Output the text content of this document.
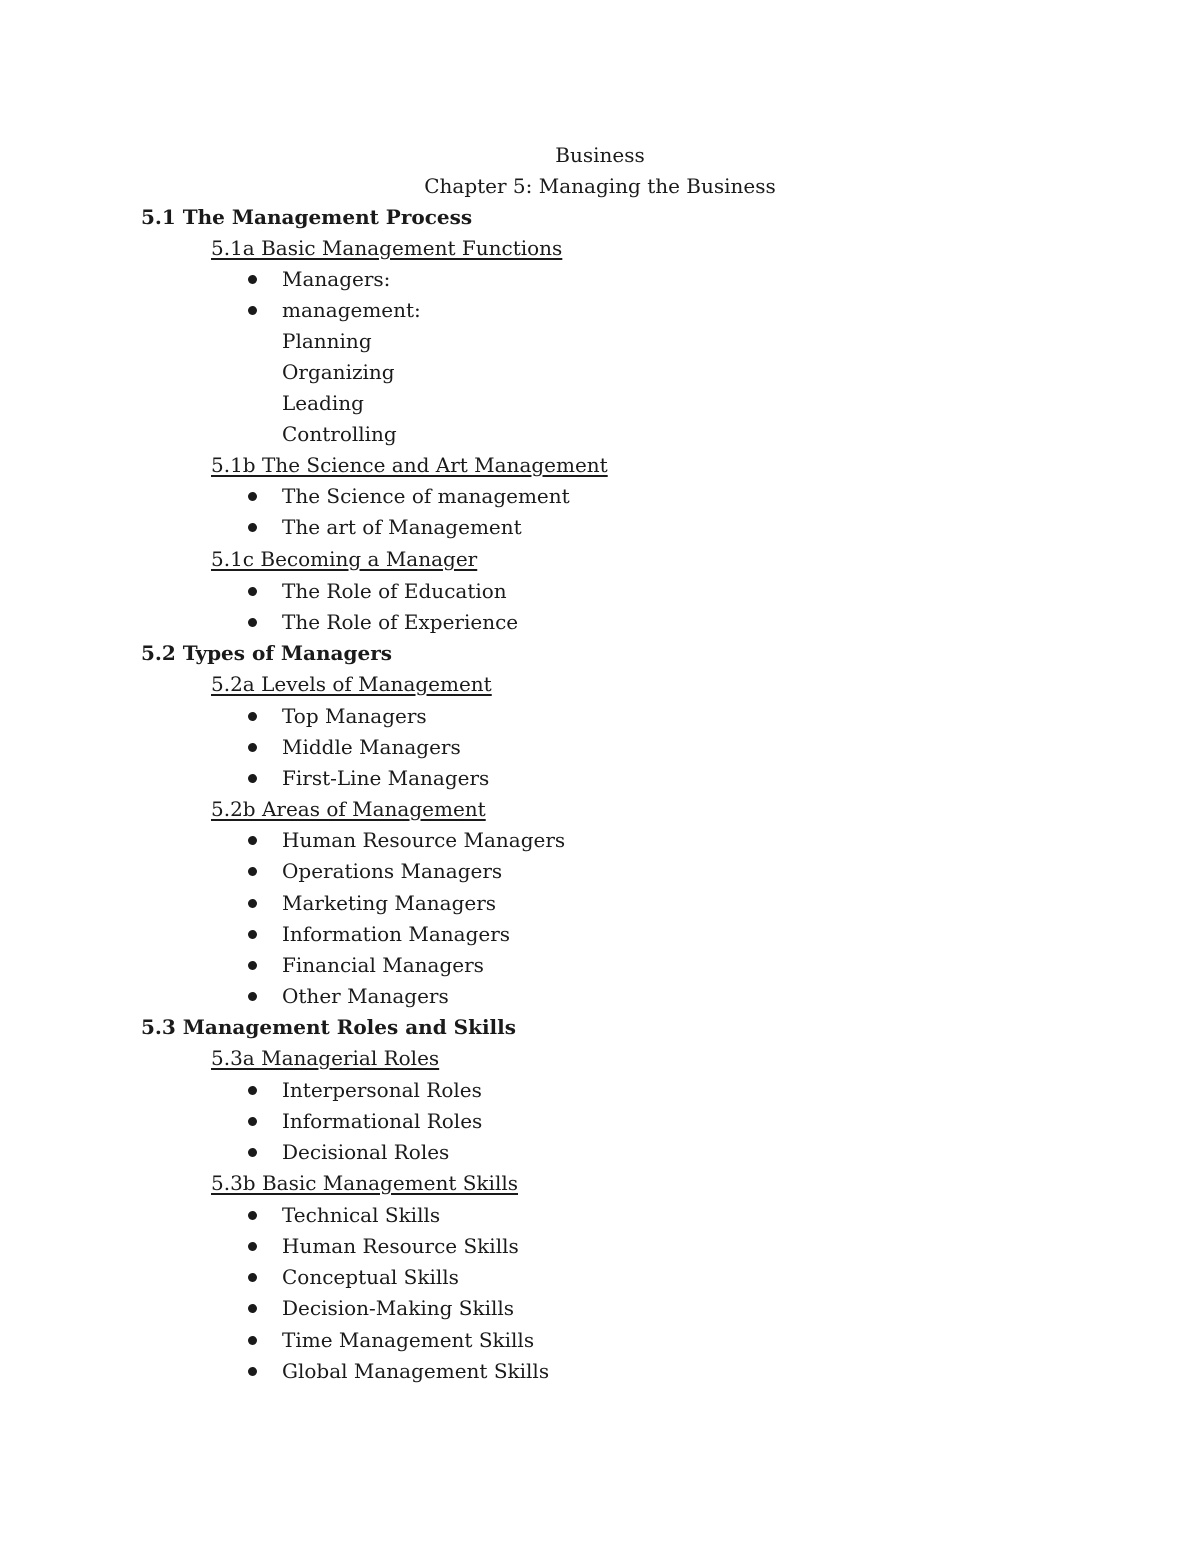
Business
Chapter 5: Managing the Business
5.1 The Management Process
5.1a Basic Management Functions
Managers:
management:
Planning
Organizing
Leading
Controlling
5.1b The Science and Art Management
The Science of management
The art of Management
5.1c Becoming a Manager
The Role of Education
The Role of Experience
5.2 Types of Managers
5.2a Levels of Management
Top Managers
Middle Managers
First-Line Managers
5.2b Areas of Management
Human Resource Managers
Operations Managers
Marketing Managers
Information Managers
Financial Managers
Other Managers
5.3 Management Roles and Skills
5.3a Managerial Roles
Interpersonal Roles
Informational Roles
Decisional Roles
5.3b Basic Management Skills
Technical Skills
Human Resource Skills
Conceptual Skills
Decision-Making Skills
Time Management Skills
Global Management Skills
